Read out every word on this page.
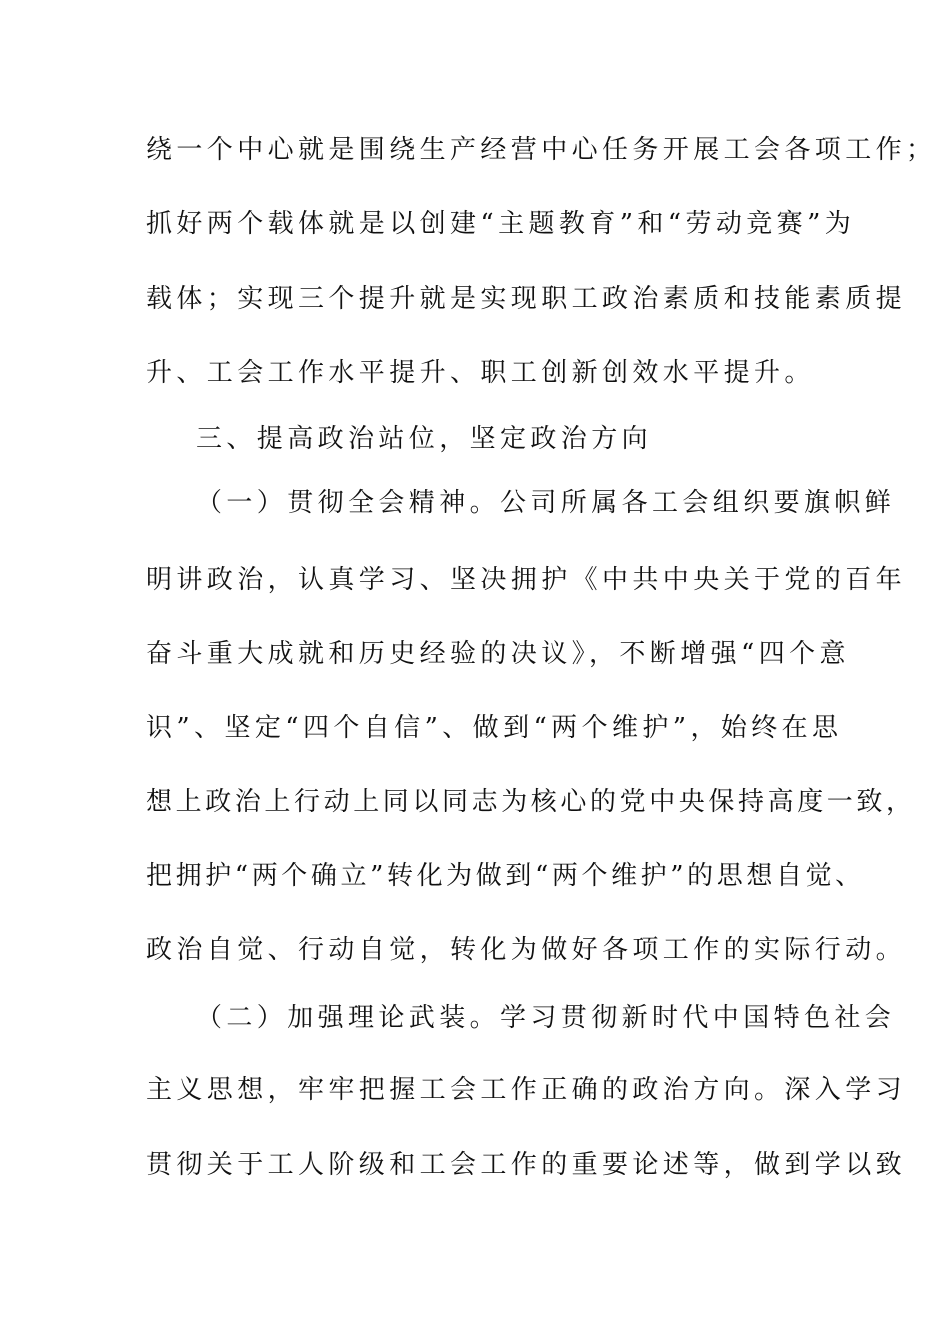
绕一个中心就是围绕生产经营中心任务开展工会各项工作；
抓好两个载体就是以创建“主题教育”和“劳动竞赛”为
载体；实现三个提升就是实现职工政治素质和技能素质提
升、工会工作水平提升、职工创新创效水平提升。
三、提高政治站位，坚定政治方向
（一）贯彻全会精神。公司所属各工会组织要旗帜鲜
明讲政治，认真学习、坚决拥护《中共中央关于党的百年
奋斗重大成就和历史经验的决议》，不断增强“四个意
识”、坚定“四个自信”、做到“两个维护”，始终在思
想上政治上行动上同以同志为核心的党中央保持高度一致，
把拥护“两个确立”转化为做到“两个维护”的思想自觉、
政治自觉、行动自觉，转化为做好各项工作的实际行动。
（二）加强理论武装。学习贯彻新时代中国特色社会
主义思想，牢牢把握工会工作正确的政治方向。深入学习
贯彻关于工人阶级和工会工作的重要论述等，做到学以致
